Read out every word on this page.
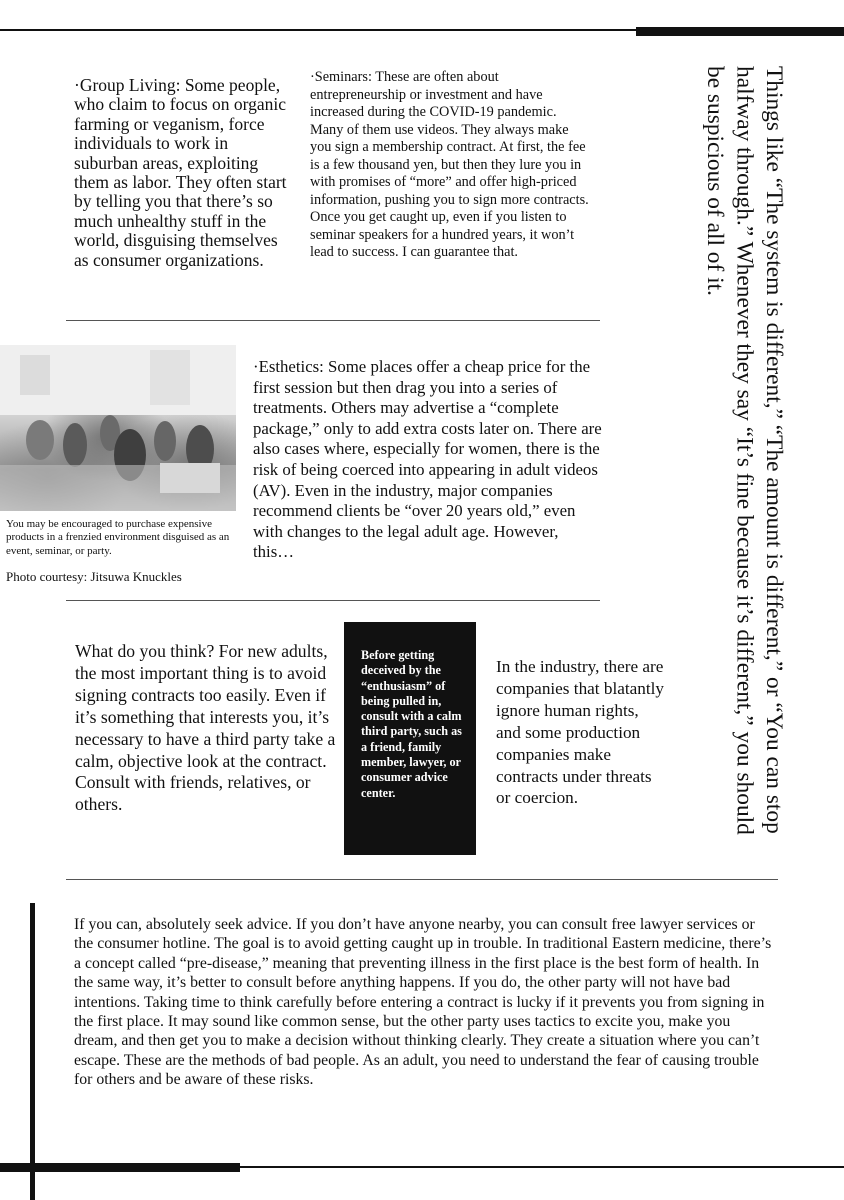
·Group Living: Some people, who claim to focus on organic farming or veganism, force individuals to work in suburban areas, exploiting them as labor. They often start by telling you that there’s so much unhealthy stuff in the world, disguising themselves as consumer organizations.

·Seminars: These are often about entrepreneurship or investment and have increased during the COVID-19 pandemic. Many of them use videos. They always make you sign a membership contract. At first, the fee is a few thousand yen, but then they lure you in with promises of “more” and offer high-priced information, pushing you to sign more contracts. Once you get caught up, even if you listen to seminar speakers for a hundred years, it won’t lead to success. I can guarantee that.

You may be encouraged to purchase expensive products in a frenzied environment disguised as an event, seminar, or party.

Photo courtesy: Jitsuwa Knuckles

·Esthetics: Some places offer a cheap price for the first session but then drag you into a series of treatments. Others may advertise a “complete package,” only to add extra costs later on. There are also cases where, especially for women, there is the risk of being coerced into appearing in adult videos (AV). Even in the industry, major companies recommend clients be “over 20 years old,” even with changes to the legal adult age. However, this…

What do you think? For new adults, the most important thing is to avoid signing contracts too easily. Even if it’s something that interests you, it’s necessary to have a third party take a calm, objective look at the contract. Consult with friends, relatives, or others.

Before getting deceived by the “enthusiasm” of being pulled in, consult with a calm third party, such as a friend, family member, lawyer, or consumer advice center.

In the industry, there are companies that blatantly ignore human rights, and some production companies make contracts under threats or coercion.	Things like “The system is different,” “The amount is different,” or “You can stop halfway through.” Whenever they say “It’s fine because it’s different,” you should be suspicious of all of it.

If you can, absolutely seek advice. If you don’t have anyone nearby, you can consult free lawyer services or the consumer hotline. The goal is to avoid getting caught up in trouble. In traditional Eastern medicine, there’s a concept called “pre-disease,” meaning that preventing illness in the first place is the best form of health. In the same way, it’s better to consult before anything happens. If you do, the other party will not have bad intentions. Taking time to think carefully before entering a contract is lucky if it prevents you from signing in the first place. It may sound like common sense, but the other party uses tactics to excite you, make you dream, and then get you to make a decision without thinking clearly. They create a situation where you can’t escape. These are the methods of bad people. As an adult, you need to understand the fear of causing trouble for others and be aware of these risks.
